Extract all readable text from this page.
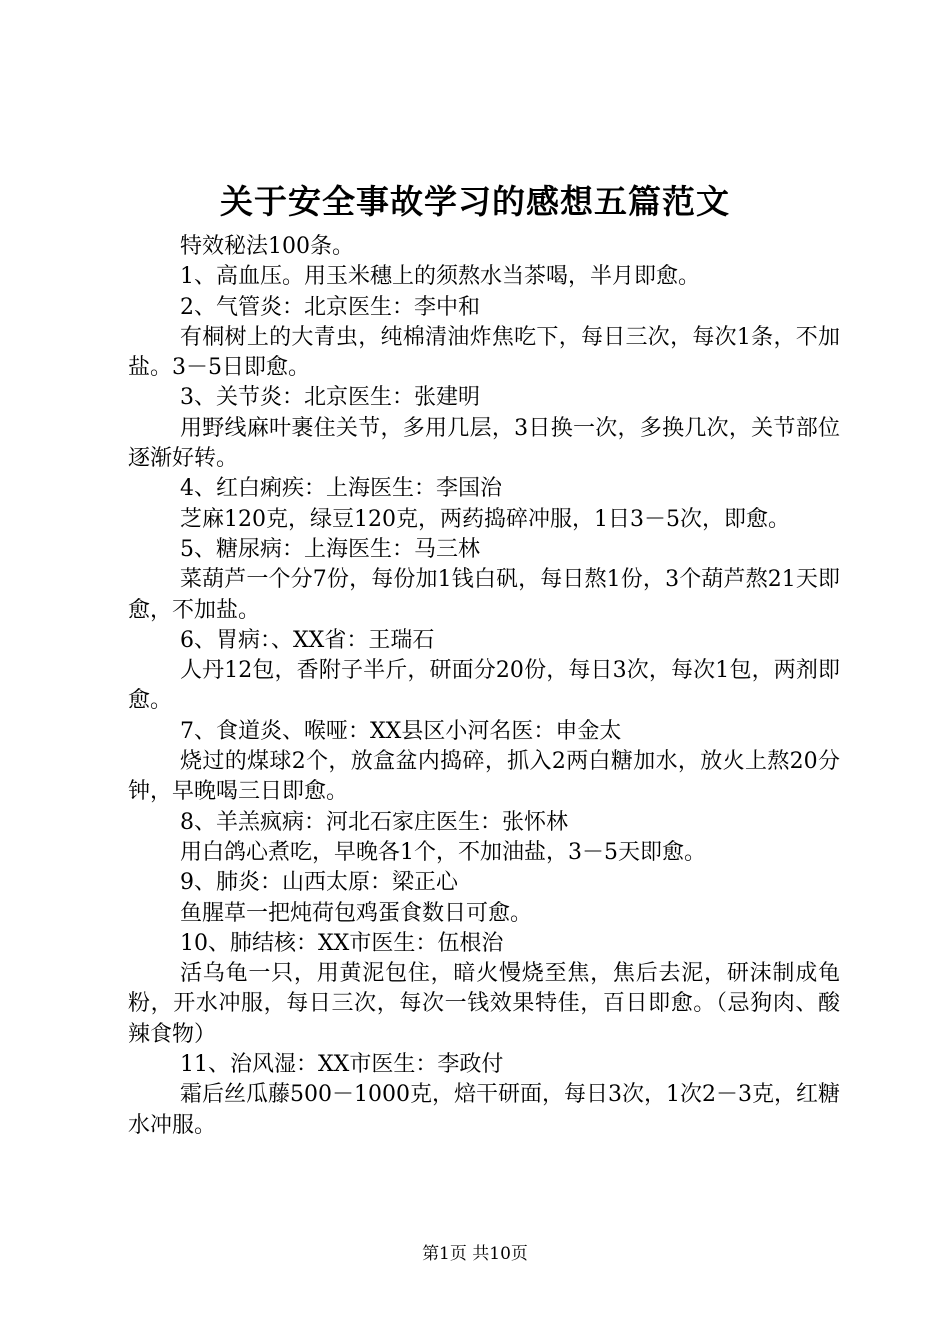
关于安全事故学习的感想五篇范文

特效秘法100条。

1、高血压。用玉米穗上的须熬水当茶喝，半月即愈。

2、气管炎：北京医生：李中和

有桐树上的大青虫，纯棉清油炸焦吃下，每日三次，每次1条，不加盐。3－5日即愈。

3、关节炎：北京医生：张建明

用野线麻叶裹住关节，多用几层，3日换一次，多换几次，关节部位逐渐好转。

4、红白痢疾：上海医生：李国治

芝麻120克，绿豆120克，两药捣碎冲服，1日3－5次，即愈。

5、糖尿病：上海医生：马三林

菜葫芦一个分7份，每份加1钱白矾，每日熬1份，3个葫芦熬21天即愈，不加盐。

6、胃病：、XX省：王瑞石

人丹12包，香附子半斤，研面分20份，每日3次，每次1包，两剂即愈。

7、食道炎、喉哑：XX县区小河名医：申金太

烧过的煤球2个，放盒盆内捣碎，抓入2两白糖加水，放火上熬20分钟，早晚喝三日即愈。

8、羊羔疯病：河北石家庄医生：张怀林

用白鸽心煮吃，早晚各1个，不加油盐，3－5天即愈。

9、肺炎：山西太原：梁正心

鱼腥草一把炖荷包鸡蛋食数日可愈。

10、肺结核：XX市医生：伍根治

活乌龟一只，用黄泥包住，暗火慢烧至焦，焦后去泥，研沫制成龟粉，开水冲服，每日三次，每次一钱效果特佳，百日即愈。（忌狗肉、酸辣食物）

11、治风湿：XX市医生：李政付

霜后丝瓜藤500－1000克，焙干研面，每日3次，1次2－3克，红糖水冲服。

第1页 共10页
